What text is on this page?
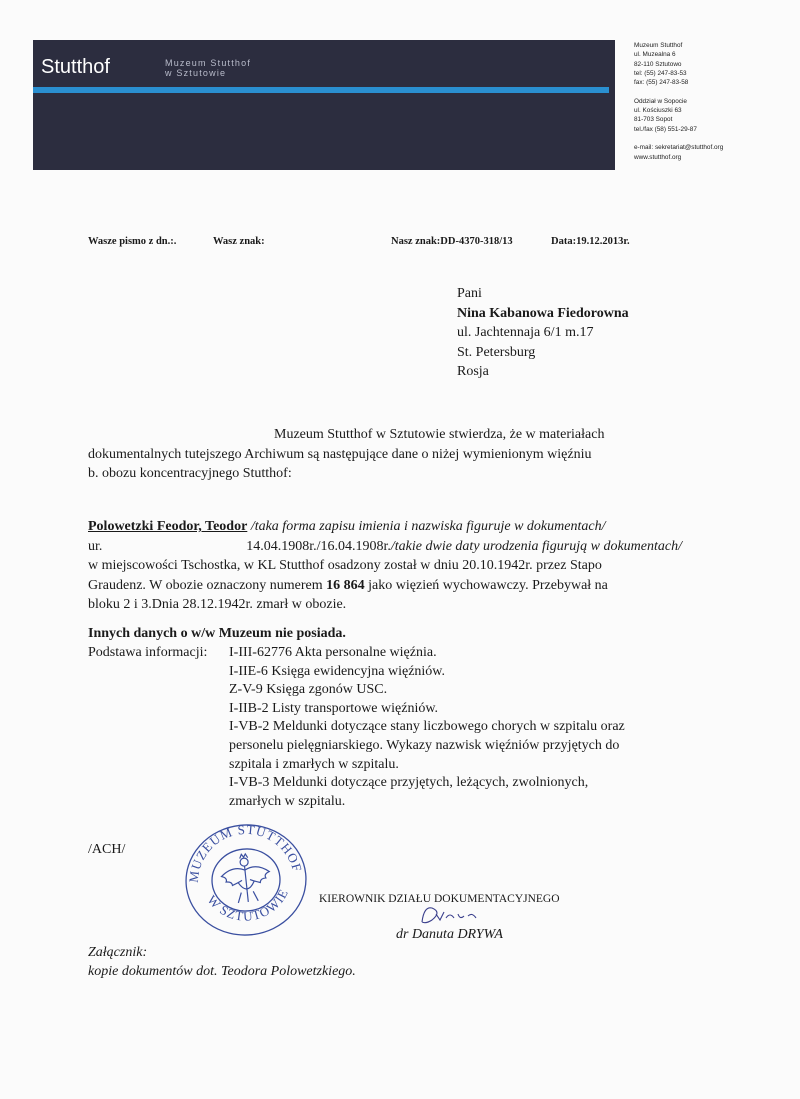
Stutthof	Muzeum Stutthof
w Sztutowie
Muzeum Stutthof
ul. Muzealna 6
82-110 Sztutowo
tel: (55) 247-83-53
fax: (55) 247-83-58

Oddział w Sopocie
ul. Kościuszki 63
81-703 Sopot
tel./fax (58) 551-29-87

e-mail: sekretariat@stutthof.org
www.stutthof.org
Wasze pismo z dn.:.	Wasz znak:	Nasz znak:DD-4370-318/13	Data:19.12.2013r.
Pani
Nina Kabanowa Fiedorowna
ul. Jachtennaja 6/1 m.17
St. Petersburg
Rosja
Muzeum Stutthof w Sztutowie stwierdza, że w materiałach
dokumentalnych tutejszego Archiwum są następujące dane o niżej wymienionym więźniu
b. obozu koncentracyjnego Stutthof:
Polowetzki Feodor, Teodor /taka forma zapisu imienia i nazwiska figuruje w dokumentach/
ur.	14.04.1908r./16.04.1908r./takie dwie daty urodzenia figurują w dokumentach/
w miejscowości Tschostka, w KL Stutthof osadzony został w dniu 20.10.1942r. przez Stapo
Graudenz. W obozie oznaczony numerem 16 864 jako więzień wychowawczy. Przebywał na
bloku 2 i 3.Dnia 28.12.1942r. zmarł w obozie.
Innych danych o w/w Muzeum nie posiada.
Podstawa informacji: I-III-62776 Akta personalne więźnia.
I-IIE-6 Księga ewidencyjna więźniów.
Z-V-9 Księga zgonów USC.
I-IIB-2 Listy transportowe więźniów.
I-VB-2 Meldunki dotyczące stany liczbowego chorych w szpitalu oraz
personelu pielęgniarskiego. Wykazy nazwisk więźniów przyjętych do
szpitala i zmarłych w szpitalu.
I-VB-3 Meldunki dotyczące przyjętych, leżących, zwolnionych,
zmarłych w szpitalu.
/ACH/
MUZEUM STUTTHOF
W SZTUTOWIE KIEROWNIK DZIAŁU DOKUMENTACYJNEGO
dr Danuta DRYWA
Załącznik:
kopie dokumentów dot. Teodora Polowetzkiego.
